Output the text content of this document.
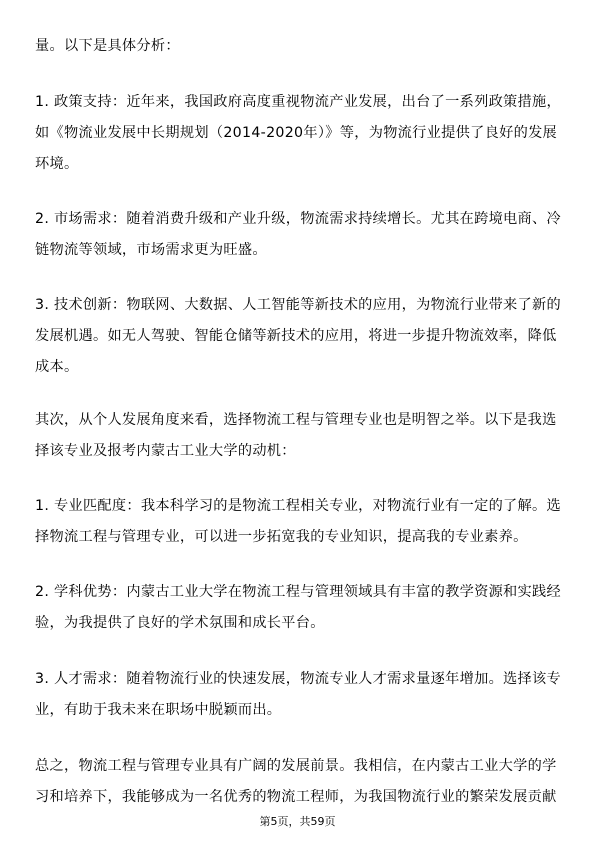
量。以下是具体分析：
1. 政策支持：近年来，我国政府高度重视物流产业发展，出台了一系列政策措施，
如《物流业发展中长期规划（2014-2020年）》等，为物流行业提供了良好的发展
环境。
2. 市场需求：随着消费升级和产业升级，物流需求持续增长。尤其在跨境电商、冷
链物流等领域，市场需求更为旺盛。
3. 技术创新：物联网、大数据、人工智能等新技术的应用，为物流行业带来了新的
发展机遇。如无人驾驶、智能仓储等新技术的应用，将进一步提升物流效率，降低
成本。
其次，从个人发展角度来看，选择物流工程与管理专业也是明智之举。以下是我选
择该专业及报考内蒙古工业大学的动机：
1. 专业匹配度：我本科学习的是物流工程相关专业，对物流行业有一定的了解。选
择物流工程与管理专业，可以进一步拓宽我的专业知识，提高我的专业素养。
2. 学科优势：内蒙古工业大学在物流工程与管理领域具有丰富的教学资源和实践经
验，为我提供了良好的学术氛围和成长平台。
3. 人才需求：随着物流行业的快速发展，物流专业人才需求量逐年增加。选择该专
业，有助于我未来在职场中脱颖而出。
总之，物流工程与管理专业具有广阔的发展前景。我相信，在内蒙古工业大学的学
习和培养下，我能够成为一名优秀的物流工程师，为我国物流行业的繁荣发展贡献
第5页，共59页
